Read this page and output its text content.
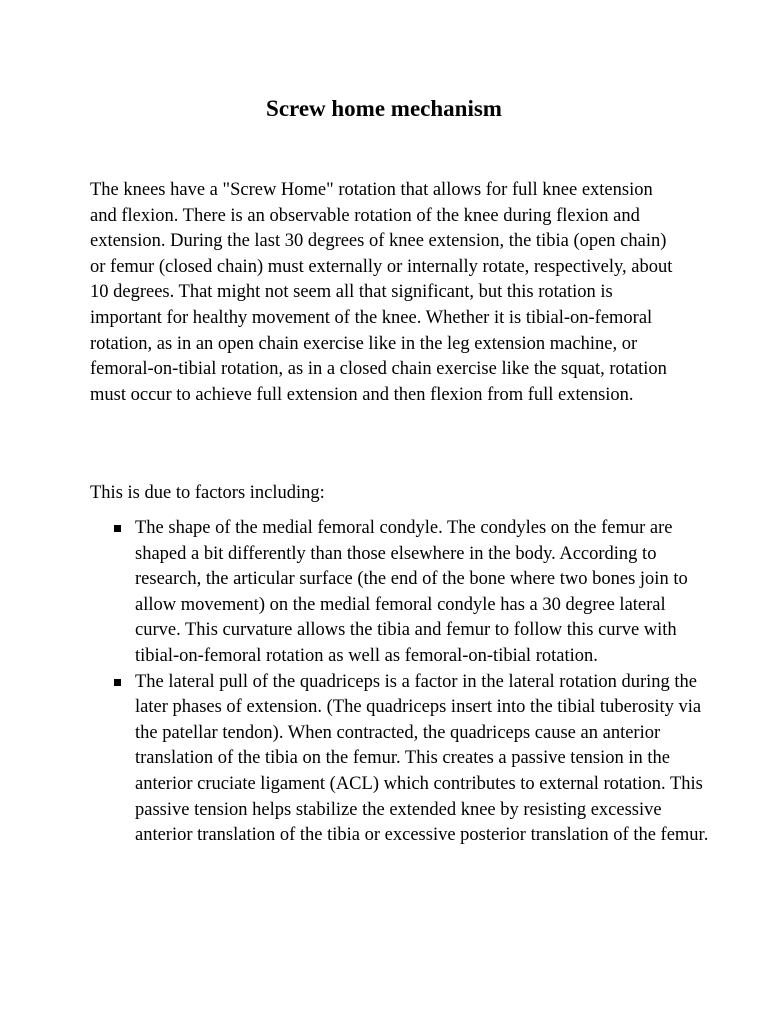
Screw home mechanism

The knees have a "Screw Home" rotation that allows for full knee extension and flexion. There is an observable rotation of the knee during flexion and extension. During the last 30 degrees of knee extension, the tibia (open chain) or femur (closed chain) must externally or internally rotate, respectively, about 10 degrees. That might not seem all that significant, but this rotation is important for healthy movement of the knee. Whether it is tibial-on-femoral rotation, as in an open chain exercise like in the leg extension machine, or femoral-on-tibial rotation, as in a closed chain exercise like the squat, rotation must occur to achieve full extension and then flexion from full extension.

This is due to factors including:

The shape of the medial femoral condyle. The condyles on the femur are shaped a bit differently than those elsewhere in the body. According to research, the articular surface (the end of the bone where two bones join to allow movement) on the medial femoral condyle has a 30 degree lateral curve. This curvature allows the tibia and femur to follow this curve with tibial-on-femoral rotation as well as femoral-on-tibial rotation.
The lateral pull of the quadriceps is a factor in the lateral rotation during the later phases of extension. (The quadriceps insert into the tibial tuberosity via the patellar tendon). When contracted, the quadriceps cause an anterior translation of the tibia on the femur. This creates a passive tension in the anterior cruciate ligament (ACL) which contributes to external rotation. This passive tension helps stabilize the extended knee by resisting excessive anterior translation of the tibia or excessive posterior translation of the femur.
